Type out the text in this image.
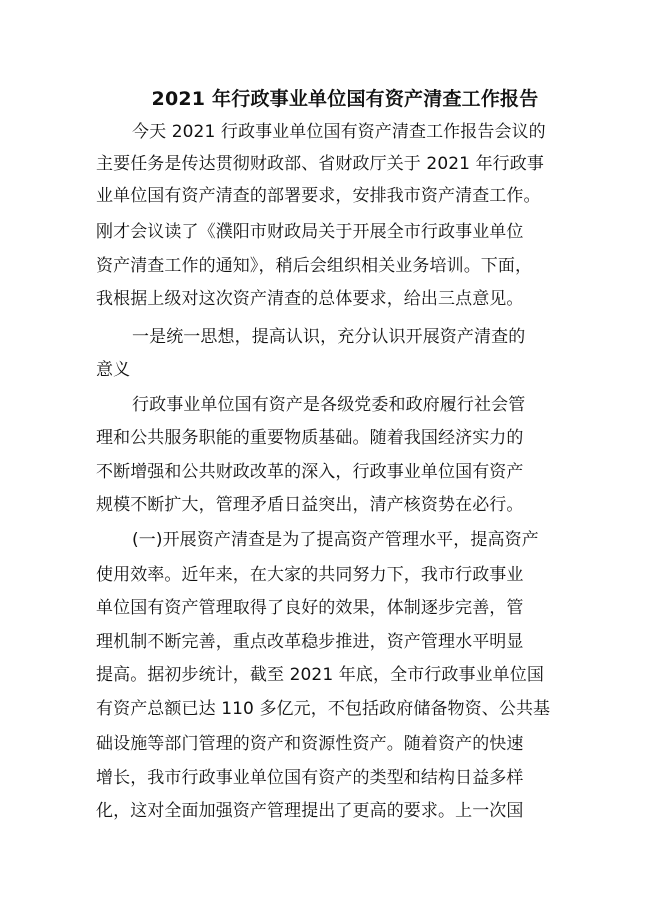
2021 年行政事业单位国有资产清查工作报告
今天 2021 行政事业单位国有资产清查工作报告会议的
主要任务是传达贯彻财政部、省财政厅关于 2021 年行政事
业单位国有资产清查的部署要求，安排我市资产清查工作。
刚才会议读了《濮阳市财政局关于开展全市行政事业单位
资产清查工作的通知》，稍后会组织相关业务培训。下面，
我根据上级对这次资产清查的总体要求，给出三点意见。
一是统一思想，提高认识，充分认识开展资产清查的
意义
行政事业单位国有资产是各级党委和政府履行社会管
理和公共服务职能的重要物质基础。随着我国经济实力的
不断增强和公共财政改革的深入，行政事业单位国有资产
规模不断扩大，管理矛盾日益突出，清产核资势在必行。
(一)开展资产清查是为了提高资产管理水平，提高资产
使用效率。近年来，在大家的共同努力下，我市行政事业
单位国有资产管理取得了良好的效果，体制逐步完善，管
理机制不断完善，重点改革稳步推进，资产管理水平明显
提高。据初步统计，截至 2021 年底，全市行政事业单位国
有资产总额已达 110 多亿元，不包括政府储备物资、公共基
础设施等部门管理的资产和资源性资产。随着资产的快速
增长，我市行政事业单位国有资产的类型和结构日益多样
化，这对全面加强资产管理提出了更高的要求。上一次国
